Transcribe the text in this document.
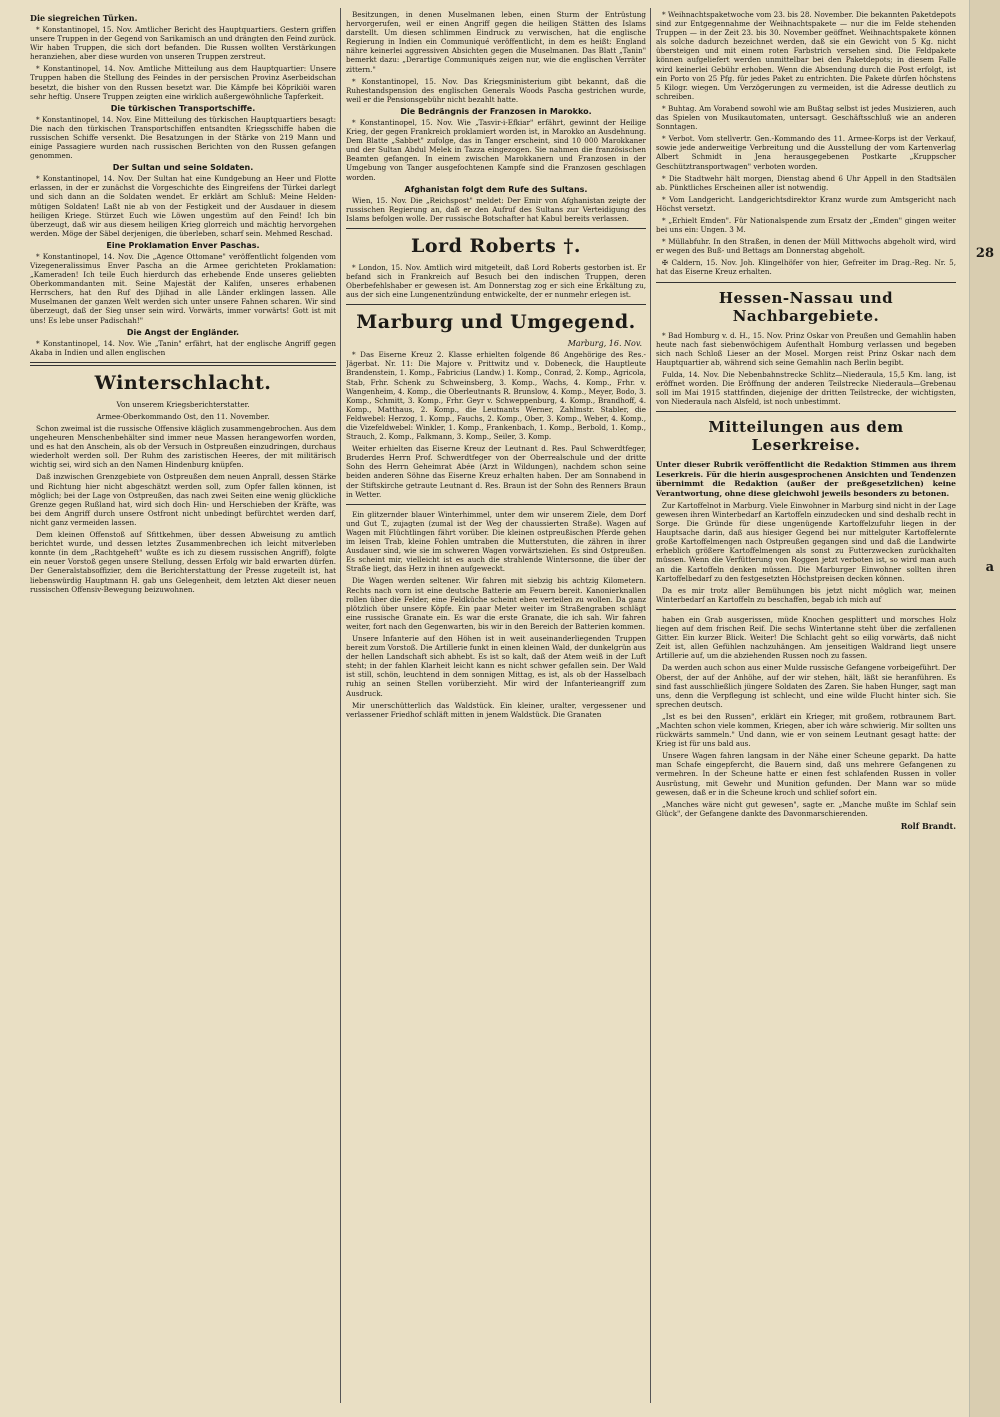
Die siegreichen Türken.

* Konstantinopel, 15. Nov. Amtlicher Bericht des Hauptquartiers. Gestern griffen unsere Truppen in der Gegend von Sarikamisch an und drängten den Feind zurück. Wir haben Truppen, die sich dort befanden. Die Russen wollten Verstärkungen heranziehen, aber diese wurden von unseren Truppen zerstreut.

* Konstantinopel, 14. Nov. Amtliche Mitteilung aus dem Hauptquartier: Unsere Truppen haben die Stellung des Feindes in der persischen Provinz Aserbeidschan besetzt, die bisher von den Russen besetzt war. Die Kämpfe bei Köprikiöi waren sehr heftig. Unsere Truppen zeigten eine wirklich außergewöhnliche Tapferkeit.

Die türkischen Transportschiffe.

* Konstantinopel, 14. Nov. Eine Mitteilung des türkischen Hauptquartiers besagt: Die nach den türkischen Transportschiffen entsandten Kriegsschiffe haben die russischen Schiffe versenkt. Die Besatzungen in der Stärke von 219 Mann und einige Passagiere wurden nach russischen Berichten von den Russen gefangen genommen.

Der Sultan und seine Soldaten.

* Konstantinopel, 14. Nov. Der Sultan hat eine Kundgebung an Heer und Flotte erlassen, in der er zunächst die Vorgeschichte des Eingreifens der Türkei darlegt und sich dann an die Soldaten wendet. Er erklärt am Schluß: Meine Helden-mütigen Soldaten! Laßt nie ab von der Festigkeit und der Ausdauer in diesem heiligen Kriege. Stürzet Euch wie Löwen ungestüm auf den Feind! Ich bin überzeugt, daß wir aus diesem heiligen Krieg glorreich und mächtig hervorgehen werden. Möge der Säbel derjenigen, die überleben, scharf sein. Mehmed Reschad.

Eine Proklamation Enver Paschas.

* Konstantinopel, 14. Nov. Die „Agence Ottomane" veröffentlicht folgenden vom Vizegeneralissimus Enver Pascha an die Armee gerichteten Proklamation: „Kameraden! Ich teile Euch hierdurch das erhebende Ende unseres geliebten Oberkommandanten mit. Seine Majestät der Kalifen, unseres erhabenen Herrschers, hat den Ruf des Djihad in alle Länder erklingen lassen. Alle Muselmanen der ganzen Welt werden sich unter unsere Fahnen scharen. Wir sind überzeugt, daß der Sieg unser sein wird. Vorwärts, immer vorwärts! Gott ist mit uns! Es lebe unser Padischah!"

Die Angst der Engländer.

* Konstantinopel, 14. Nov. Wie „Tanin" erfährt, hat der englische Angriff gegen Akaba in Indien und allen englischen

Winterschlacht.

Von unserem Kriegsberichterstatter.

Armee-Oberkommando Ost, den 11. November.

Schon zweimal ist die russische Offensive kläglich zusammengebrochen. Aus dem ungeheuren Menschenbehälter sind immer neue Massen herangeworfen worden, und es hat den Anschein, als ob der Versuch in Ostpreußen einzudringen, durchaus wiederholt werden soll. Der Ruhm des zaristischen Heeres, der mit militärisch wichtig sei, wird sich an den Namen Hindenburg knüpfen.

Daß inzwischen Grenzgebiete von Ostpreußen dem neuen Anprall, dessen Stärke und Richtung hier nicht abgeschätzt werden soll, zum Opfer fallen können, ist möglich; bei der Lage von Ostpreußen, das nach zwei Seiten eine wenig glückliche Grenze gegen Rußland hat, wird sich doch Hin- und Herschieben der Kräfte, was bei dem Angriff durch unsere Ostfront nicht unbedingt befürchtet werden darf, nicht ganz vermeiden lassen.

Dem kleinen Offenstoß auf Sfittkehmen, über dessen Abweisung zu amtlich berichtet wurde, und dessen letztes Zusammenbrechen ich leicht mitverleben konnte (in dem „Rachtgeheft" wußte es ich zu diesem russischen Angriff), folgte ein neuer Vorstoß gegen unsere Stellung, dessen Erfolg wir bald erwarten dürfen. Der Generalstabsoffizier, dem die Berichterstattung der Presse zugeteilt ist, hat liebenswürdig Hauptmann H. gab uns Gelegenheit, dem letzten Akt dieser neuen russischen Offensiv-Bewegung beizuwohnen.

Besitzungen, in denen Muselmanen leben, einen Sturm der Entrüstung hervorgerufen, weil er einen Angriff gegen die heiligen Stätten des Islams darstellt. Um diesen schlimmen Eindruck zu verwischen, hat die englische Regierung in Indien ein Communiqué veröffentlicht, in dem es heißt: England nähre keinerlei aggressiven Absichten gegen die Muselmanen. Das Blatt „Tanin" bemerkt dazu: „Derartige Communiqués zeigen nur, wie die englischen Verräter zittern."

* Konstantinopel, 15. Nov. Das Kriegsministerium gibt bekannt, daß die Ruhestandspension des englischen Generals Woods Pascha gestrichen wurde, weil er die Pensionsgebühr nicht bezahlt hatte.

Die Bedrängnis der Franzosen in Marokko.

* Konstantinopel, 15. Nov. Wie „Tasvir-i-Efkiar" erfährt, gewinnt der Heilige Krieg, der gegen Frankreich proklamiert worden ist, in Marokko an Ausdehnung. Dem Blatte „Sabbet" zufolge, das in Tanger erscheint, sind 10 000 Marokkaner und der Sultan Abdul Melek in Tazza eingezogen. Sie nahmen die französischen Beamten gefangen. In einem zwischen Marokkanern und Franzosen in der Umgebung von Tanger ausgefochtenen Kampfe sind die Franzosen geschlagen worden.

Afghanistan folgt dem Rufe des Sultans.

Wien, 15. Nov. Die „Reichspost" meldet: Der Emir von Afghanistan zeigte der russischen Regierung an, daß er den Aufruf des Sultans zur Verteidigung des Islams befolgen wolle. Der russische Botschafter hat Kabul bereits verlassen.

Lord Roberts †.

* London, 15. Nov. Amtlich wird mitgeteilt, daß Lord Roberts gestorben ist. Er befand sich in Frankreich auf Besuch bei den indischen Truppen, deren Oberbefehlshaber er gewesen ist. Am Donnerstag zog er sich eine Erkältung zu, aus der sich eine Lungenentzündung entwickelte, der er nunmehr erlegen ist.

Marburg und Umgegend.
Marburg, 16. Nov.

* Das Eiserne Kreuz 2. Klasse erhielten folgende 86 Angehörige des Res.-Jägerbat. Nr. 11: Die Majore v. Prittwitz und v. Dobeneck, die Hauptleute Brandenstein, 1. Komp., Fabricius (Landw.) 1. Komp., Conrad, 2. Komp., Agricola, Stab, Frhr. Schenk zu Schweinsberg, 3. Komp., Wachs, 4. Komp., Frhr. v. Wangenheim, 4. Komp., die Oberleutnants R. Brunslow, 4. Komp., Meyer, Bodo, 3. Komp., Schmitt, 3. Komp., Frhr. Geyr v. Schweppenburg, 4. Komp., Brandhoff, 4. Komp., Matthaus, 2. Komp., die Leutnants Werner, Zahlmstr. Stabler, die Feldwebel: Herzog, 1. Komp., Fauchs, 2. Komp., Ober, 3. Komp., Weber, 4. Komp., die Vizefeldwebel: Winkler, 1. Komp., Frankenbach, 1. Komp., Berbold, 1. Komp., Strauch, 2. Komp., Falkmann, 3. Komp., Seiler, 3. Komp.

Weiter erhielten das Eiserne Kreuz der Leutnant d. Res. Paul Schwerdtfeger, Bruderdes Herrn Prof. Schwerdtfeger von der Oberrealschule und der dritte Sohn des Herrn Geheimrat Abée (Arzt in Wildungen), nachdem schon seine beiden anderen Söhne das Eiserne Kreuz erhalten haben. Der am Sonnabend in der Stiftskirche getraute Leutnant d. Res. Braun ist der Sohn des Renners Braun in Wetter.

Ein glitzernder blauer Winterhimmel, unter dem wir unserem Ziele, dem Dorf und Gut T., zujagten (zumal ist der Weg der chaussierten Straße). Wagen auf Wagen mit Flüchtlingen fährt vorüber. Die kleinen ostpreußischen Pferde gehen im leisen Trab, kleine Fohlen umtraben die Mutterstuten, die zähren in ihrer Ausdauer sind, wie sie im schweren Wagen vorwärtsziehen. Es sind Ostpreußen. Es scheint mir, vielleicht ist es auch die strahlende Wintersonne, die über der Straße liegt, das Herz in ihnen aufgeweckt.

Die Wagen werden seltener. Wir fahren mit siebzig bis achtzig Kilometern. Rechts nach vorn ist eine deutsche Batterie am Feuern bereit. Kanonierknallen rollen über die Felder, eine Feldküche scheint eben verteilen zu wollen. Da ganz plötzlich über unsere Köpfe. Ein paar Meter weiter im Straßengraben schlägt eine russische Granate ein. Es war die erste Granate, die ich sah. Wir fahren weiter, fort nach den Gegenwarten, bis wir in den Bereich der Batterien kommen.

Unsere Infanterie auf den Höhen ist in weit auseinanderliegenden Truppen bereit zum Vorstoß. Die Artillerie funkt in einen kleinen Wald, der dunkelgrün aus der hellen Landschaft sich abhebt. Es ist so kalt, daß der Atem weiß in der Luft steht; in der fahlen Klarheit leicht kann es nicht schwer gefallen sein. Der Wald ist still, schön, leuchtend in dem sonnigen Mittag, es ist, als ob der Hasselbach ruhig an seinen Stellen vorüberzieht. Mir wird der Infanterieangriff zum Ausdruck.

Mir unerschütterlich das Waldstück. Ein kleiner, uralter, vergessener und verlassener Friedhof schläft mitten in jenem Waldstück. Die Granaten

* Weihnachtspaketwoche vom 23. bis 28. November. Die bekannten Paketdepots sind zur Entgegennahme der Weihnachtspakete — nur die im Felde stehenden Truppen — in der Zeit 23. bis 30. November geöffnet. Weihnachtspakete können als solche dadurch bezeichnet werden, daß sie ein Gewicht von 5 Kg. nicht übersteigen und mit einem roten Farbstrich versehen sind. Die Feldpakete können aufgeliefert werden unmittelbar bei den Paketdepots; in diesem Falle wird keinerlei Gebühr erhoben. Wenn die Absendung durch die Post erfolgt, ist ein Porto von 25 Pfg. für jedes Paket zu entrichten. Die Pakete dürfen höchstens 5 Kilogr. wiegen. Um Verzögerungen zu vermeiden, ist die Adresse deutlich zu schreiben.

* Buhtag. Am Vorabend sowohl wie am Bußtag selbst ist jedes Musizieren, auch das Spielen von Musikautomaten, untersagt. Geschäftsschluß wie an anderen Sonntagen.

* Verbot. Vom stellvertr. Gen.-Kommando des 11. Armee-Korps ist der Verkauf, sowie jede anderweitige Verbreitung und die Ausstellung der vom Kartenverlag Albert Schmidt in Jena herausgegebenen Postkarte „Kruppscher Geschütztransportwagen" verboten worden.

* Die Stadtwehr hält morgen, Dienstag abend 6 Uhr Appell in den Stadtsälen ab. Pünktliches Erscheinen aller ist notwendig.

* Vom Landgericht. Landgerichtsdirektor Kranz wurde zum Amtsgericht nach Höchst versetzt.

* „Erhielt Emden". Für Nationalspende zum Ersatz der „Emden" gingen weiter bei uns ein: Ungen. 3 M.

* Müllabfuhr. In den Straßen, in denen der Müll Mittwochs abgeholt wird, wird er wegen des Buß- und Bettags am Donnerstag abgeholt.

✠ Caldern, 15. Nov. Joh. Klingelhöfer von hier, Gefreiter im Drag.-Reg. Nr. 5, hat das Eiserne Kreuz erhalten.

Hessen-Nassau und Nachbargebiete.

* Bad Homburg v. d. H., 15. Nov. Prinz Oskar von Preußen und Gemahlin haben heute nach fast siebenwöchigem Aufenthalt Homburg verlassen und begeben sich nach Schloß Lieser an der Mosel. Morgen reist Prinz Oskar nach dem Hauptquartier ab, während sich seine Gemahlin nach Berlin begibt.

Fulda, 14. Nov. Die Nebenbahnstrecke Schlitz—Niederaula, 15,5 Km. lang, ist eröffnet worden. Die Eröffnung der anderen Teilstrecke Niederaula—Grebenau soll im Mai 1915 stattfinden, diejenige der dritten Teilstrecke, der wichtigsten, von Niederaula nach Alsfeld, ist noch unbestimmt.

Mitteilungen aus dem Leserkreise.

Unter dieser Rubrik veröffentlicht die Redaktion Stimmen aus ihrem Leserkreis. Für die hierin ausgesprochenen Ansichten und Tendenzen übernimmt die Redaktion (außer der preßgesetzlichen) keine Verantwortung, ohne diese gleichwohl jeweils besonders zu betonen.

Zur Kartoffelnot in Marburg. Viele Einwohner in Marburg sind nicht in der Lage gewesen ihren Winterbedarf an Kartoffeln einzudecken und sind deshalb recht in Sorge. Die Gründe für diese ungenügende Kartoffelzufuhr liegen in der Hauptsache darin, daß aus hiesiger Gegend bei nur mittelguter Kartoffelernte große Kartoffelmengen nach Ostpreußen gegangen sind und daß die Landwirte erheblich größere Kartoffelmengen als sonst zu Futterzwecken zurückhalten müssen. Wenn die Verfütterung von Roggen jetzt verboten ist, so wird man auch an die Kartoffeln denken müssen. Die Marburger Einwohner sollten ihren Kartoffelbedarf zu den festgesetzten Höchstpreisen decken können.

Da es mir trotz aller Bemühungen bis jetzt nicht möglich war, meinen Winterbedarf an Kartoffeln zu beschaffen, begab ich mich auf

haben ein Grab ausgerissen, müde Knochen gesplittert und morsches Holz liegen auf dem frischen Reif. Die sechs Wintertanne steht über die zerfallenen Gitter. Ein kurzer Blick. Weiter! Die Schlacht geht so eilig vorwärts, daß nicht Zeit ist, allen Gefühlen nachzuhängen. Am jenseitigen Waldrand liegt unsere Artillerie auf, um die abziehenden Russen noch zu fassen.

Da werden auch schon aus einer Mulde russische Gefangene vorbeigeführt. Der Oberst, der auf der Anhöhe, auf der wir stehen, hält, läßt sie heranführen. Es sind fast ausschließlich jüngere Soldaten des Zaren. Sie haben Hunger, sagt man uns, denn die Verpflegung ist schlecht, und eine wilde Flucht hinter sich. Sie sprechen deutsch.

„Ist es bei den Russen", erklärt ein Krieger, mit großem, rotbraunem Bart. „Machten schon viele kommen, Kriegen, aber ich wäre schwierig. Mir sollten uns rückwärts sammeln." Und dann, wie er von seinem Leutnant gesagt hatte: der Krieg ist für uns bald aus.

Unsere Wagen fahren langsam in der Nähe einer Scheune geparkt. Da hatte man Schafe eingepfercht, die Bauern sind, daß uns mehrere Gefangenen zu vermehren. In der Scheune hatte er einen fest schlafenden Russen in voller Ausrüstung, mit Gewehr und Munition gefunden. Der Mann war so müde gewesen, daß er in die Scheune kroch und schlief sofort ein.

„Manches wäre nicht gut gewesen", sagte er. „Manche mußte im Schlaf sein Glück", der Gefangene dankte des Davonmarschierenden.

Rolf Brandt.
28
a
